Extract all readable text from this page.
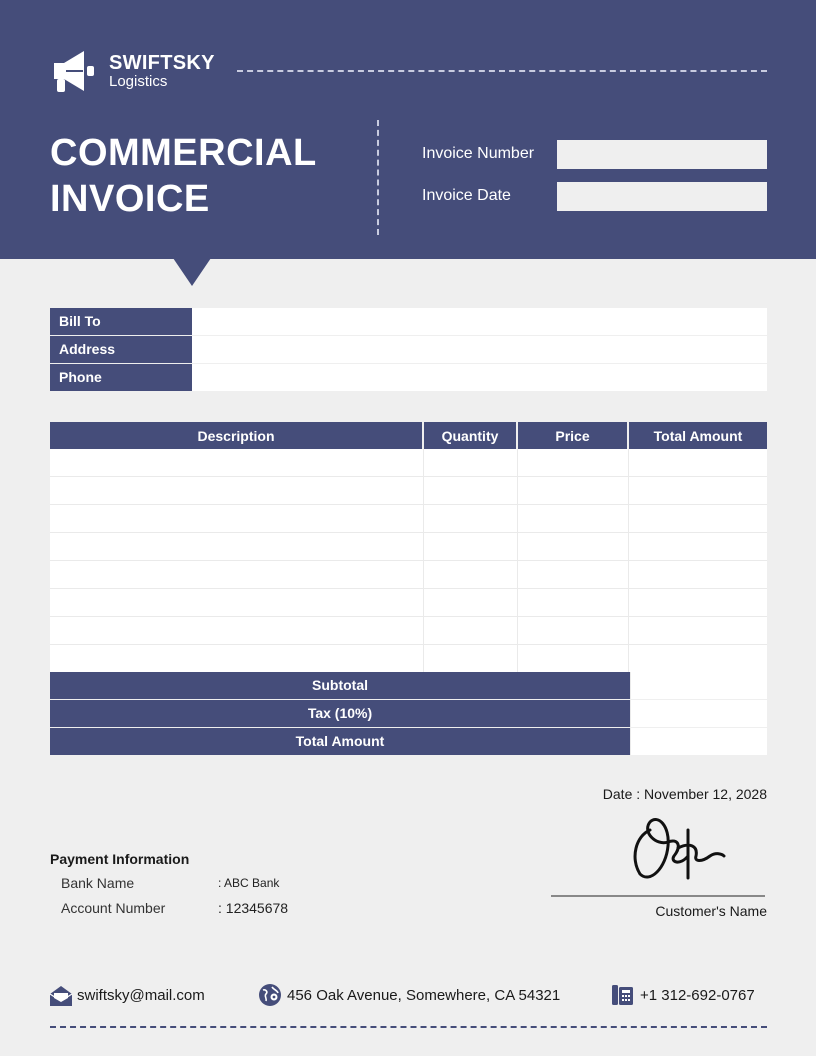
SWIFTSKY
Logistics
COMMERCIAL
INVOICE
Invoice Number
Invoice Date
Bill To
Address
Phone
Description	Quantity	Price	Total Amount

Subtotal
Tax (10%)
Total Amount
Date : November 12, 2028
Customer's Name
Payment Information
Bank Name	: ABC Bank
Account Number	: 12345678
swiftsky@mail.com	456 Oak Avenue, Somewhere, CA 54321	+1 312-692-0767
